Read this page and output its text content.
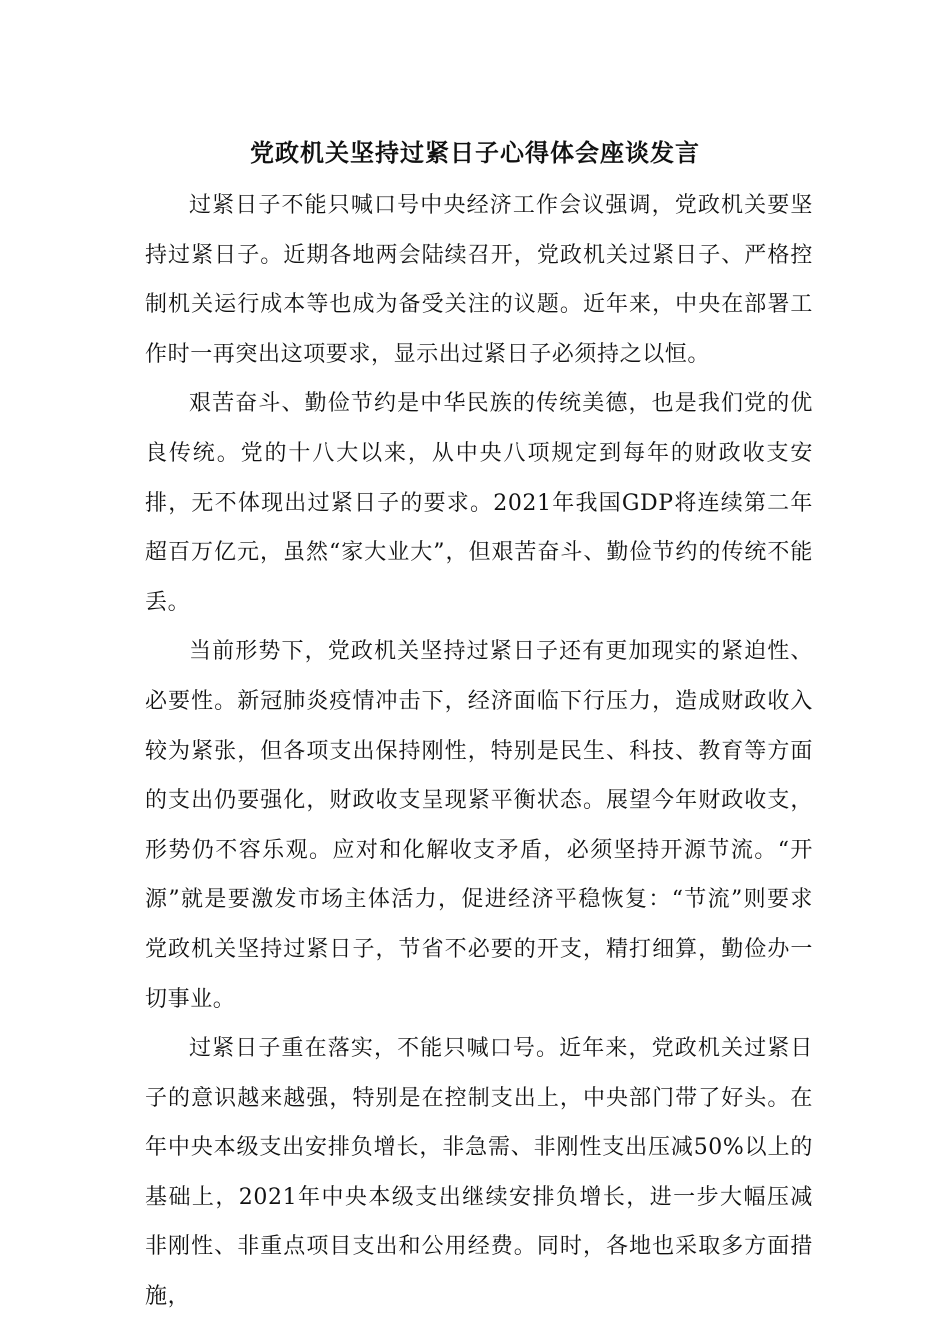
党政机关坚持过紧日子心得体会座谈发言

过紧日子不能只喊口号中央经济工作会议强调，党政机关要坚持过紧日子。近期各地两会陆续召开，党政机关过紧日子、严格控制机关运行成本等也成为备受关注的议题。近年来，中央在部署工作时一再突出这项要求，显示出过紧日子必须持之以恒。

艰苦奋斗、勤俭节约是中华民族的传统美德，也是我们党的优良传统。党的十八大以来，从中央八项规定到每年的财政收支安排，无不体现出过紧日子的要求。2021年我国GDP将连续第二年超百万亿元，虽然“家大业大”，但艰苦奋斗、勤俭节约的传统不能丢。

当前形势下，党政机关坚持过紧日子还有更加现实的紧迫性、必要性。新冠肺炎疫情冲击下，经济面临下行压力，造成财政收入较为紧张，但各项支出保持刚性，特别是民生、科技、教育等方面的支出仍要强化，财政收支呈现紧平衡状态。展望今年财政收支，形势仍不容乐观。应对和化解收支矛盾，必须坚持开源节流。“开源”就是要激发市场主体活力，促进经济平稳恢复：“节流”则要求党政机关坚持过紧日子，节省不必要的开支，精打细算，勤俭办一切事业。

过紧日子重在落实，不能只喊口号。近年来，党政机关过紧日子的意识越来越强，特别是在控制支出上，中央部门带了好头。在年中央本级支出安排负增长，非急需、非刚性支出压减50%以上的基础上，2021年中央本级支出继续安排负增长，进一步大幅压减非刚性、非重点项目支出和公用经费。同时，各地也采取多方面措施，
